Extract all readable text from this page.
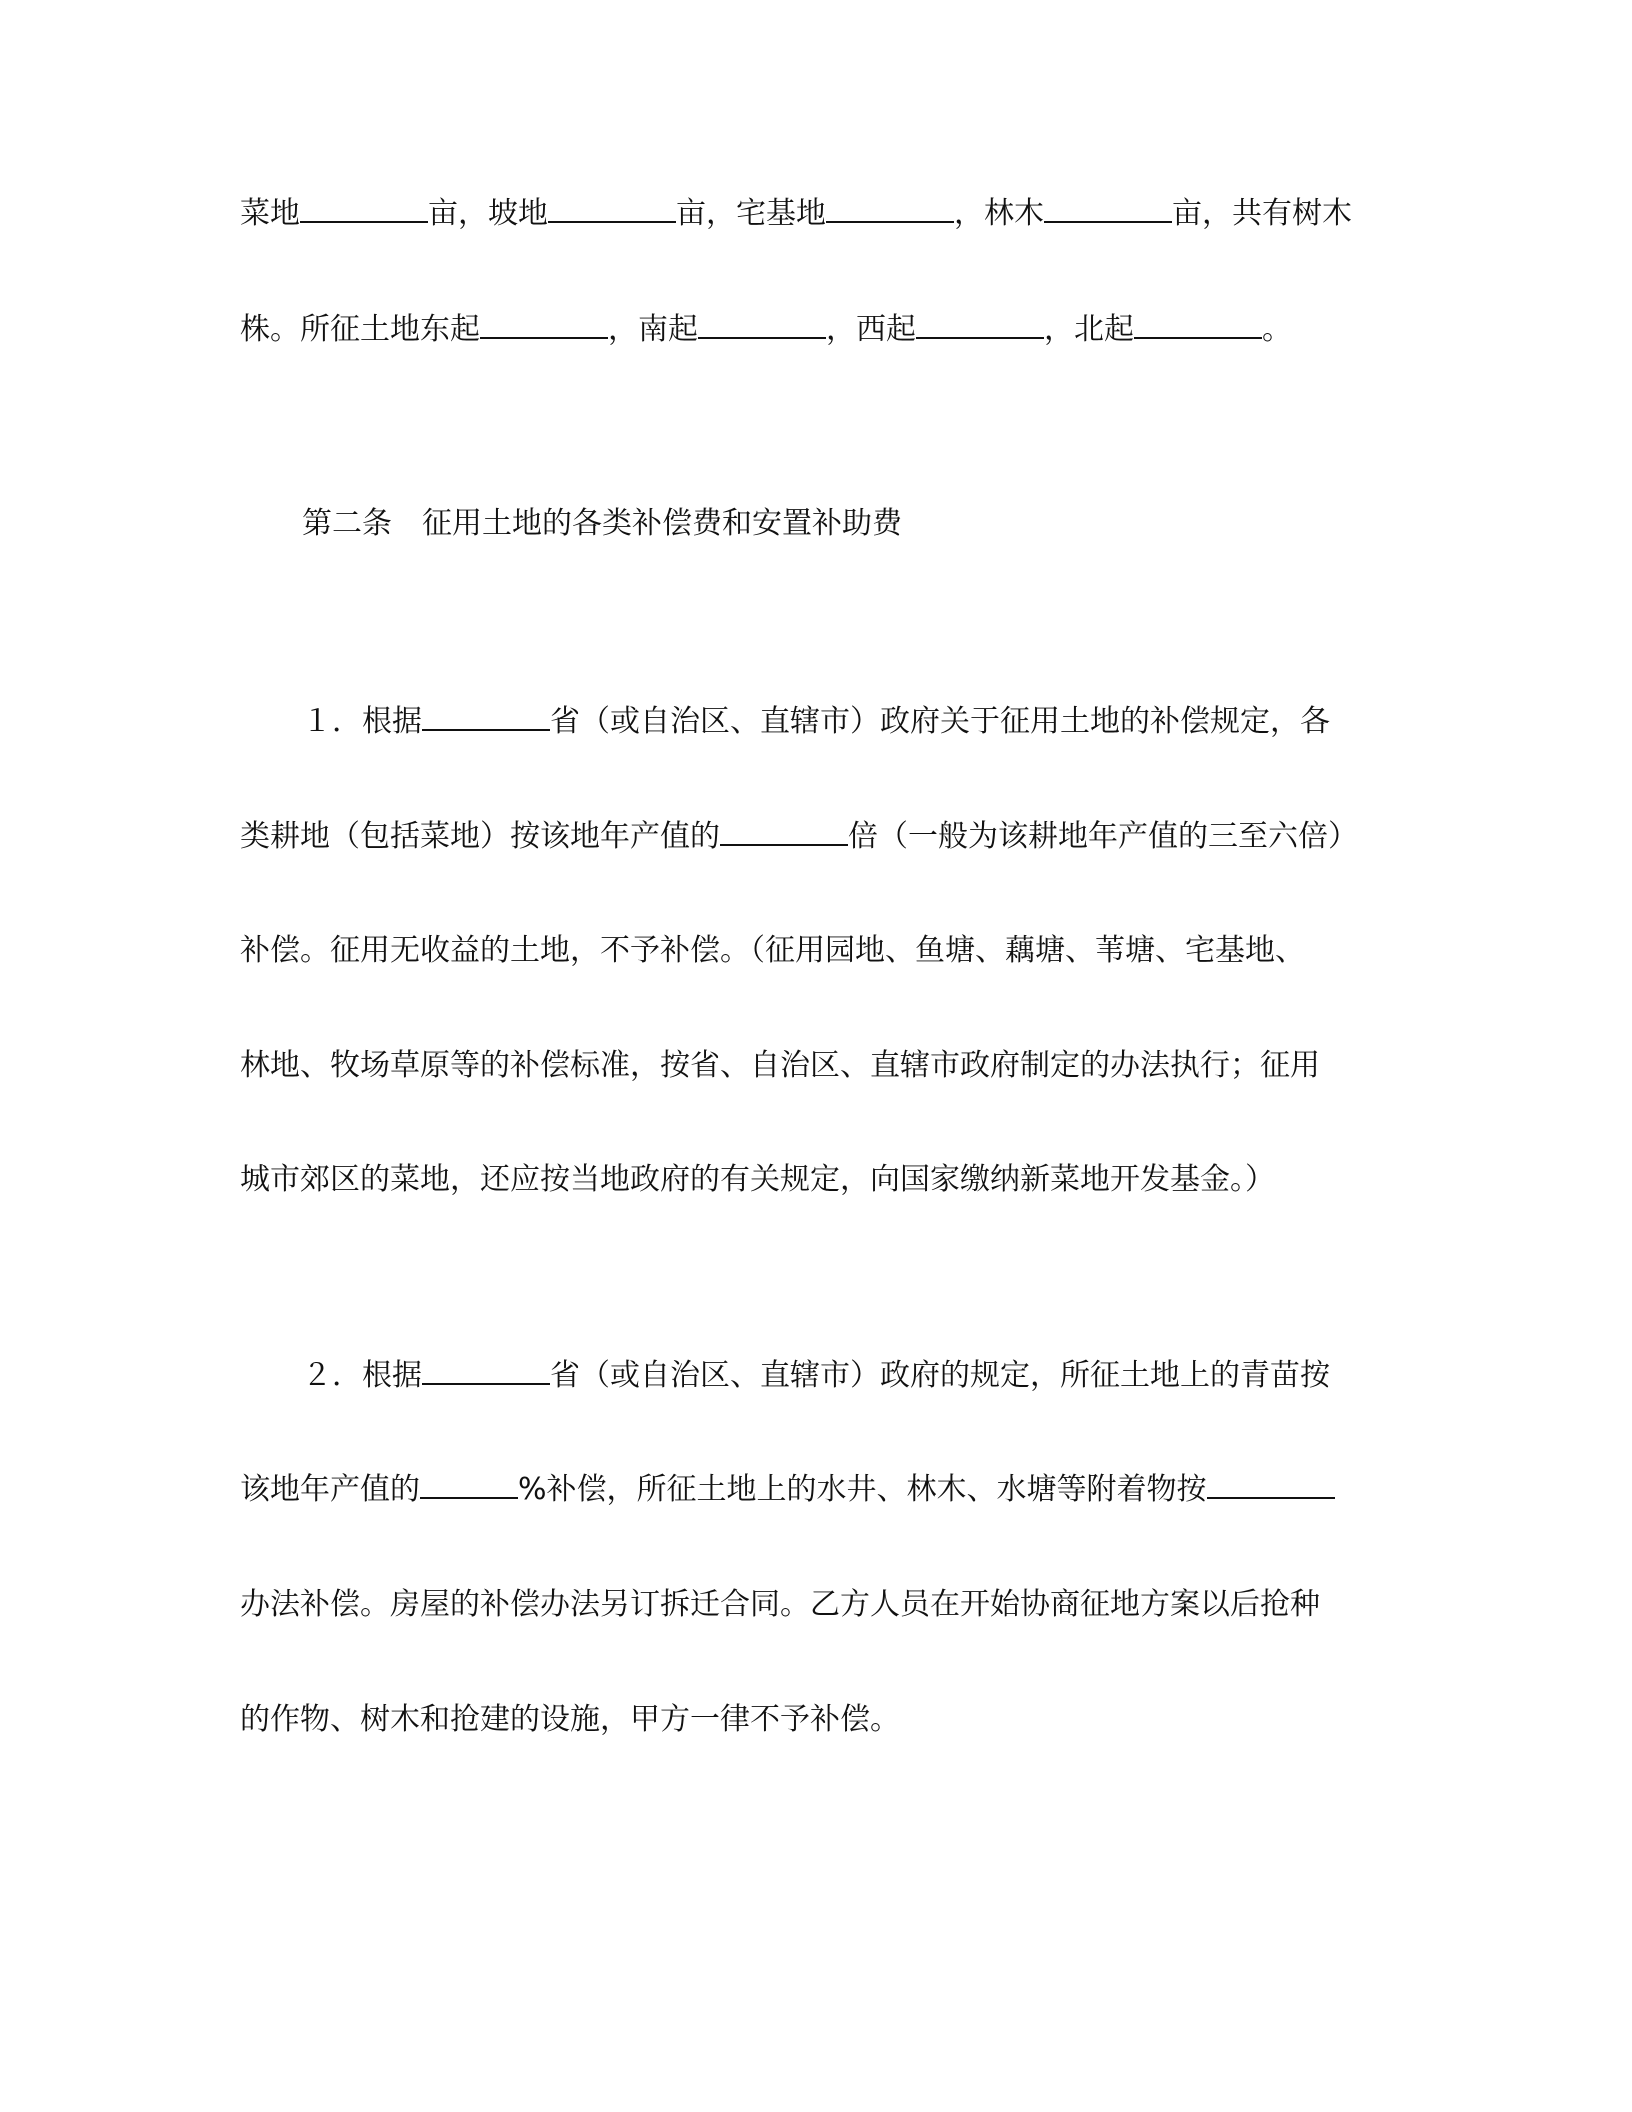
菜地	亩，坡地	亩，宅基地	，林木	亩，共有树木
株。所征土地东起	，南起	，西起	，北起	。
第二条　征用土地的各类补偿费和安置补助费
１．根据	省（或自治区、直辖市）政府关于征用土地的补偿规定，各
类耕地（包括菜地）按该地年产值的	倍（一般为该耕地年产值的三至六倍）
补偿。征用无收益的土地，不予补偿。（征用园地、鱼塘、藕塘、苇塘、宅基地、
林地、牧场草原等的补偿标准，按省、自治区、直辖市政府制定的办法执行；征用
城市郊区的菜地，还应按当地政府的有关规定，向国家缴纳新菜地开发基金。）
２．根据	省（或自治区、直辖市）政府的规定，所征土地上的青苗按
该地年产值的	%补偿，所征土地上的水井、林木、水塘等附着物按
办法补偿。房屋的补偿办法另订拆迁合同。乙方人员在开始协商征地方案以后抢种
的作物、树木和抢建的设施，甲方一律不予补偿。
